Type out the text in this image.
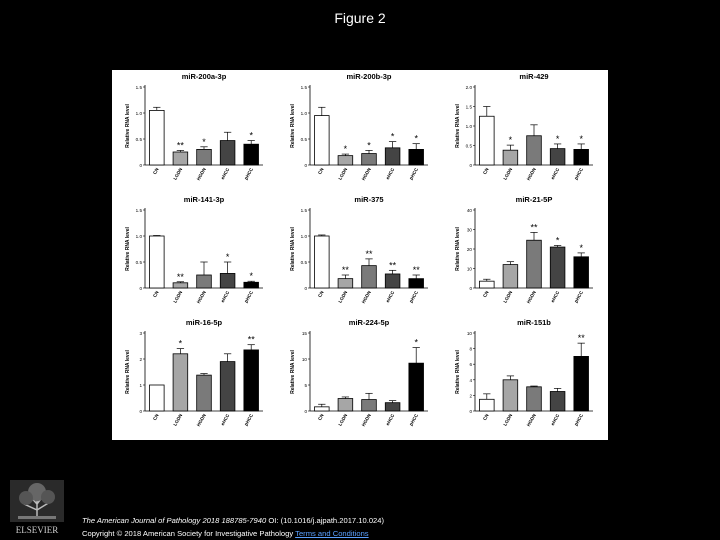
Figure 2
miR-200a-3p
0
0.5
1.0
1.5
Relative RNA level
CN
**
LGDN
*
HGDN	eHCC
*
pHCC
miR-200b-3p
0
0.5
1.0
1.5
Relative RNA level
CN
*
LGDN
*
HGDN
*
eHCC
*
pHCC
miR-429
0
0.5
1.0
1.5
2.0
Relative RNA level
CN
*
LGDN	HGDN
*
eHCC
*
pHCC
miR-141-3p
0
0.5
1.0
1.5
Relative RNA level
CN
**
LGDN	HGDN
*
eHCC
*
pHCC
miR-375
0
0.5
1.0
1.5
Relative RNA level
CN
**
LGDN
**
HGDN
**
eHCC
**
pHCC
miR-21-5P
0
10
20
30
40
Relative RNA level
CN	LGDN
**
HGDN
*
eHCC
*
pHCC
miR-16-5p
0
1
2
3
Relative RNA level
CN
*
LGDN	HGDN	eHCC
**
pHCC
miR-224-5p
0
5
10
15
Relative RNA level
CN	LGDN	HGDN	eHCC
*
pHCC
miR-151b
0
2
4
6
8
10
Relative RNA level
CN	LGDN	HGDN	eHCC
**
pHCC
ELSEVIER
The American Journal of Pathology 2018 188785-7940 OI: (10.1016/j.ajpath.2017.10.024)
Copyright © 2018 American Society for Investigative Pathology Terms and Conditions
